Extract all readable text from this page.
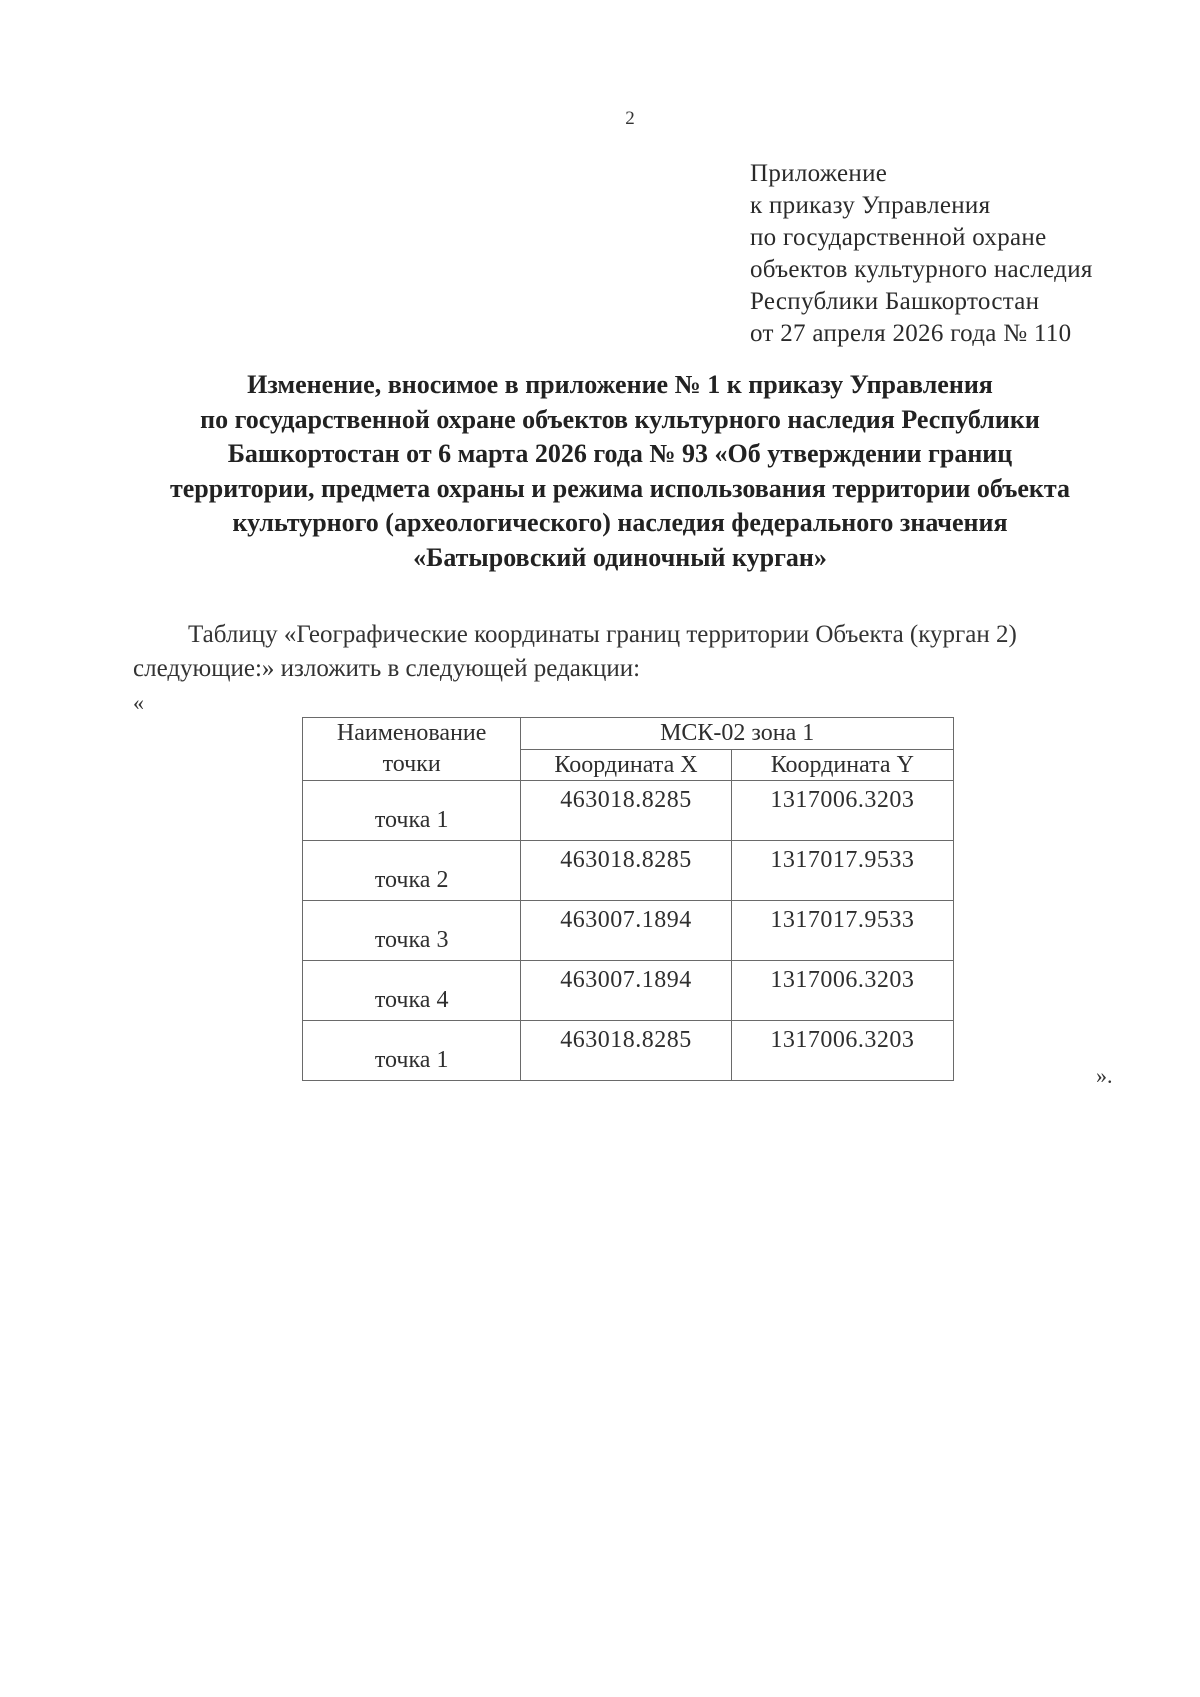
2
Приложение
к приказу Управления
по государственной охране
объектов культурного наследия
Республики Башкортостан
от 27 апреля 2026 года № 110
Изменение, вносимое в приложение № 1 к приказу Управления
по государственной охране объектов культурного наследия Республики
Башкортостан от 6 марта 2026 года № 93 «Об утверждении границ
территории, предмета охраны и режима использования территории объекта
культурного (археологического) наследия федерального значения
«Батыровский одиночный курган»
Таблицу «Географические координаты границ территории Объекта (курган 2)
следующие:» изложить в следующей редакции:
«
Наименование
точки	МСК-02 зона 1	
	Координата X	Координата Y
точка 1	463018.8285	1317006.3203
точка 2	463018.8285	1317017.9533
точка 3	463007.1894	1317017.9533
точка 4	463007.1894	1317006.3203
точка 1	463018.8285	1317006.3203
».
